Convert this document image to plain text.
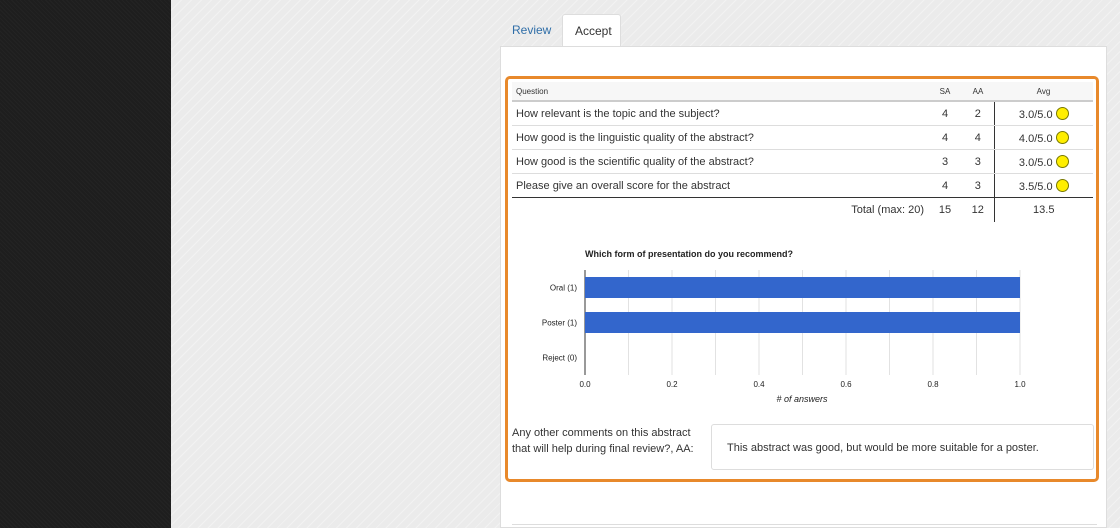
Review	Accept
Question	SA	AA	Avg
How relevant is the topic and the subject?	4	2	3.0/5.0
How good is the linguistic quality of the abstract?	4	4	4.0/5.0
How good is the scientific quality of the abstract?	3	3	3.0/5.0
Please give an overall score for the abstract	4	3	3.5/5.0
Total (max: 20)	15	12	13.5
Which form of presentation do you recommend?
Oral (1)
Poster (1)
Reject (0)
0.0	0.2	0.4	0.6	0.8	1.0
# of answers
Any other comments on this abstract that will help during final review?, AA:	This abstract was good, but would be more suitable for a poster.
